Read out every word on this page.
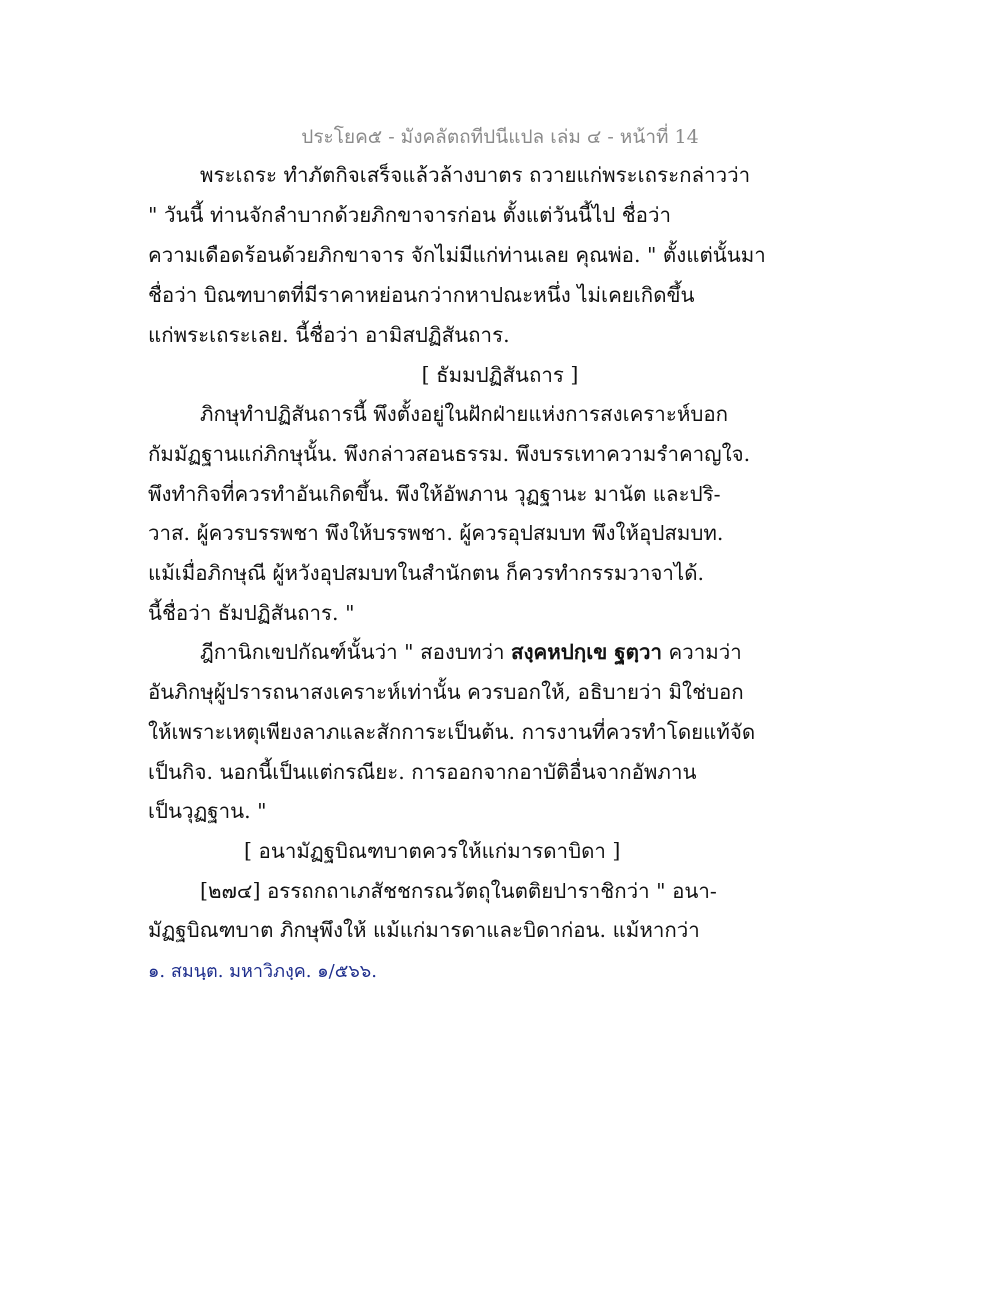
ประโยค๕ - มังคลัตถทีปนีแปล เล่ม ๔ - หน้าที่ 14
พระเถระ ทำภัตกิจเสร็จแล้วล้างบาตร ถวายแก่พระเถระกล่าวว่า
" วันนี้ ท่านจักลำบากด้วยภิกขาจารก่อน ตั้งแต่วันนี้ไป ชื่อว่า
ความเดือดร้อนด้วยภิกขาจาร จักไม่มีแก่ท่านเลย คุณพ่อ. " ตั้งแต่นั้นมา
ชื่อว่า บิณฑบาตที่มีราคาหย่อนกว่ากหาปณะหนึ่ง ไม่เคยเกิดขึ้น
แก่พระเถระเลย. นี้ชื่อว่า อามิสปฏิสันถาร.
[ ธัมมปฏิสันถาร ]
ภิกษุทำปฏิสันถารนี้ พึงตั้งอยู่ในฝักฝ่ายแห่งการสงเคราะห์บอก
กัมมัฏฐานแก่ภิกษุนั้น. พึงกล่าวสอนธรรม. พึงบรรเทาความรำคาญใจ.
พึงทำกิจที่ควรทำอันเกิดขึ้น. พึงให้อัพภาน วุฏฐานะ มานัต และปริ-
วาส. ผู้ควรบรรพชา พึงให้บรรพชา. ผู้ควรอุปสมบท พึงให้อุปสมบท.
แม้เมื่อภิกษุณี ผู้หวังอุปสมบทในสำนักตน ก็ควรทำกรรมวาจาได้.
นี้ชื่อว่า ธัมปฏิสันถาร. "
ฎีกานิกเขปกัณฑ์นั้นว่า " สองบทว่า สงฺคหปกฺเข ฐตฺวา ความว่า
อันภิกษุผู้ปรารถนาสงเคราะห์เท่านั้น ควรบอกให้, อธิบายว่า มิใช่บอก
ให้เพราะเหตุเพียงลาภและสักการะเป็นต้น. การงานที่ควรทำโดยแท้จัด
เป็นกิจ. นอกนี้เป็นแต่กรณียะ. การออกจากอาบัติอื่นจากอัพภาน
เป็นวุฏฐาน. "
[ อนามัฏฐบิณฑบาตควรให้แก่มารดาบิดา ]
[๒๗๔] อรรถกถาเภสัชชกรณวัตถุในตติยปาราชิกว่า " อนา-
มัฏฐบิณฑบาต ภิกษุพึงให้ แม้แก่มารดาและบิดาก่อน. แม้หากว่า
๑. สมนฺต. มหาวิภงฺค. ๑/๕๖๖.
